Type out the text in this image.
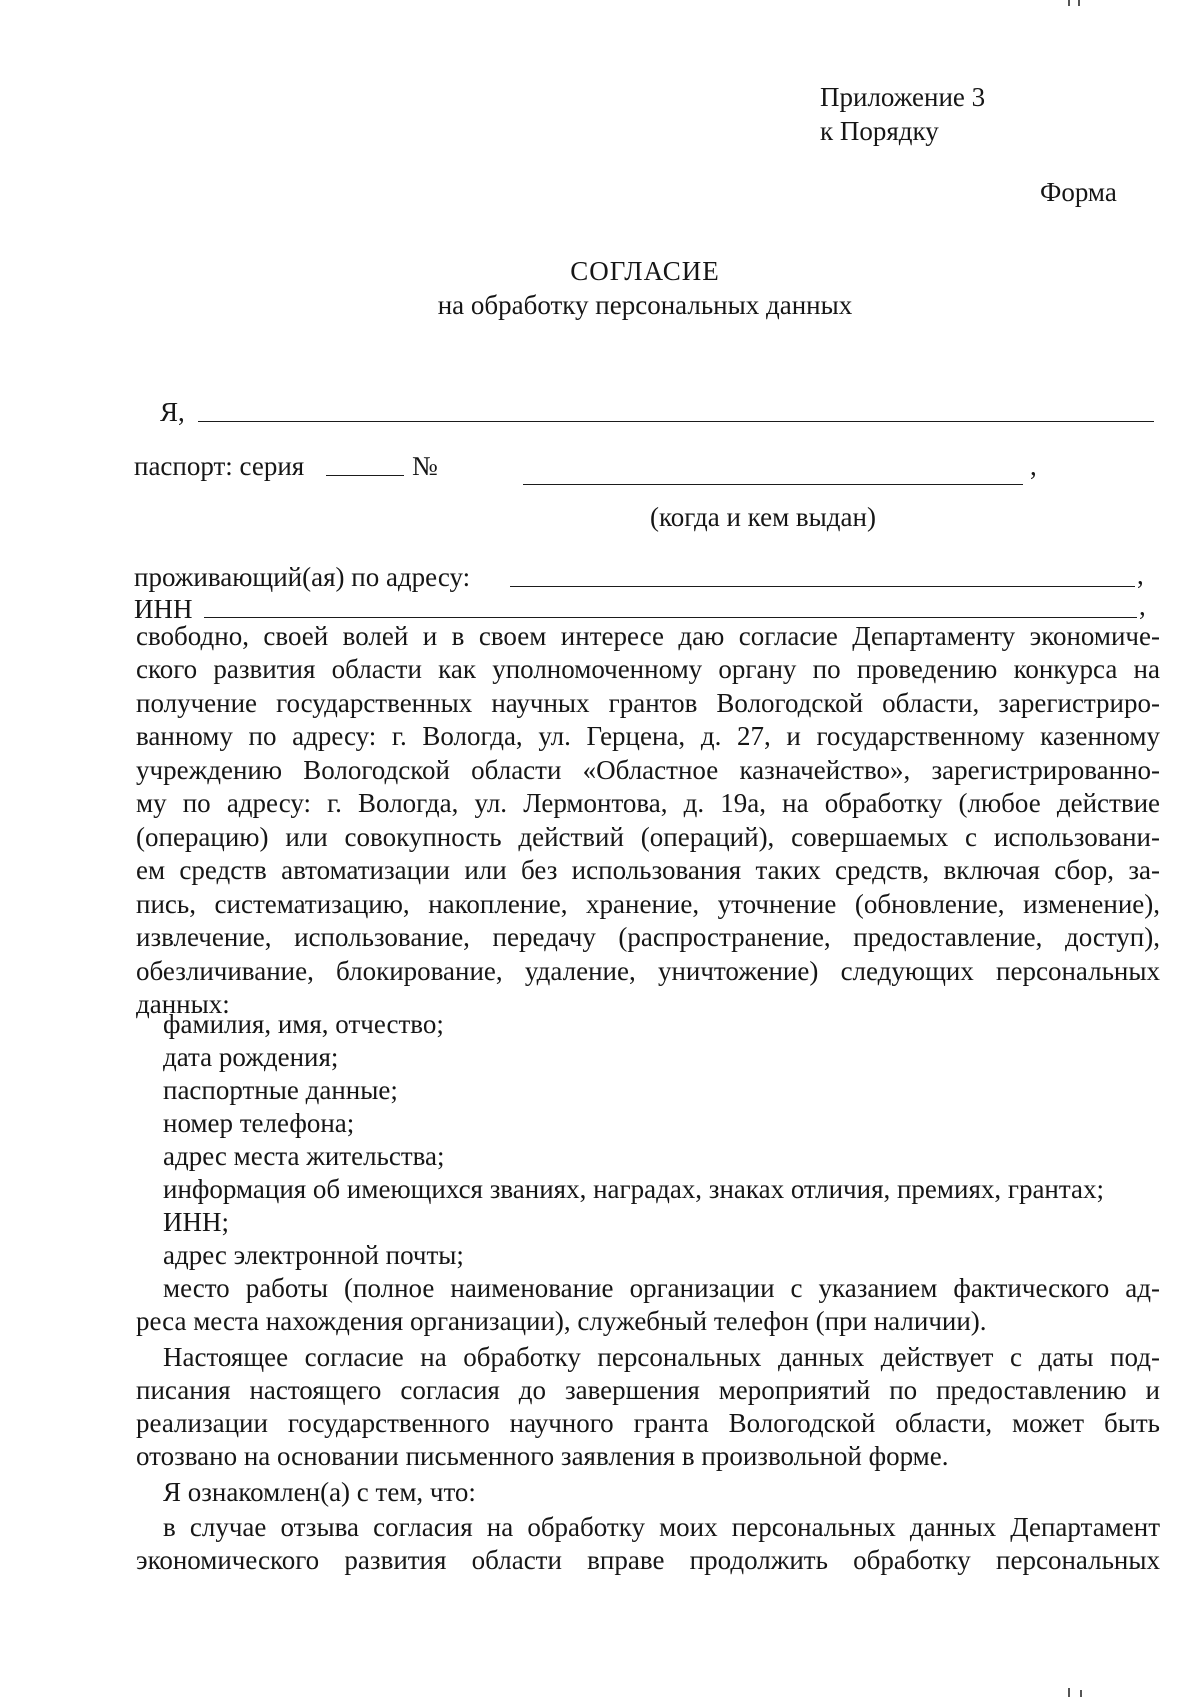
Приложение 3
к Порядку
Форма
СОГЛАСИЕ
на обработку персональных данных
Я,
паспорт: серия	№	,
(когда и кем выдан)
проживающий(ая) по адресу:	,
ИНН	,
свободно, своей волей и в своем интересе даю согласие Департаменту экономиче-
ского развития области как уполномоченному органу по проведению конкурса на
получение государственных научных грантов Вологодской области, зарегистриро-
ванному по адресу: г. Вологда, ул. Герцена, д. 27, и государственному казенному
учреждению Вологодской области «Областное казначейство», зарегистрированно-
му по адресу: г. Вологда, ул. Лермонтова, д. 19а, на обработку (любое действие
(операцию) или совокупность действий (операций), совершаемых с использовани-
ем средств автоматизации или без использования таких средств, включая сбор, за-
пись, систематизацию, накопление, хранение, уточнение (обновление, изменение),
извлечение, использование, передачу (распространение, предоставление, доступ),
обезличивание, блокирование, удаление, уничтожение) следующих персональных
данных:
фамилия, имя, отчество;
дата рождения;
паспортные данные;
номер телефона;
адрес места жительства;
информация об имеющихся званиях, наградах, знаках отличия, премиях, грантах;
ИНН;
адрес электронной почты;
место работы (полное наименование организации с указанием фактического ад-
реса места нахождения организации), служебный телефон (при наличии).
Настоящее согласие на обработку персональных данных действует с даты под-
писания настоящего согласия до завершения мероприятий по предоставлению и
реализации государственного научного гранта Вологодской области, может быть
отозвано на основании письменного заявления в произвольной форме.
Я ознакомлен(а) с тем, что:
в случае отзыва согласия на обработку моих персональных данных Департамент
экономического развития области вправе продолжить обработку персональных
